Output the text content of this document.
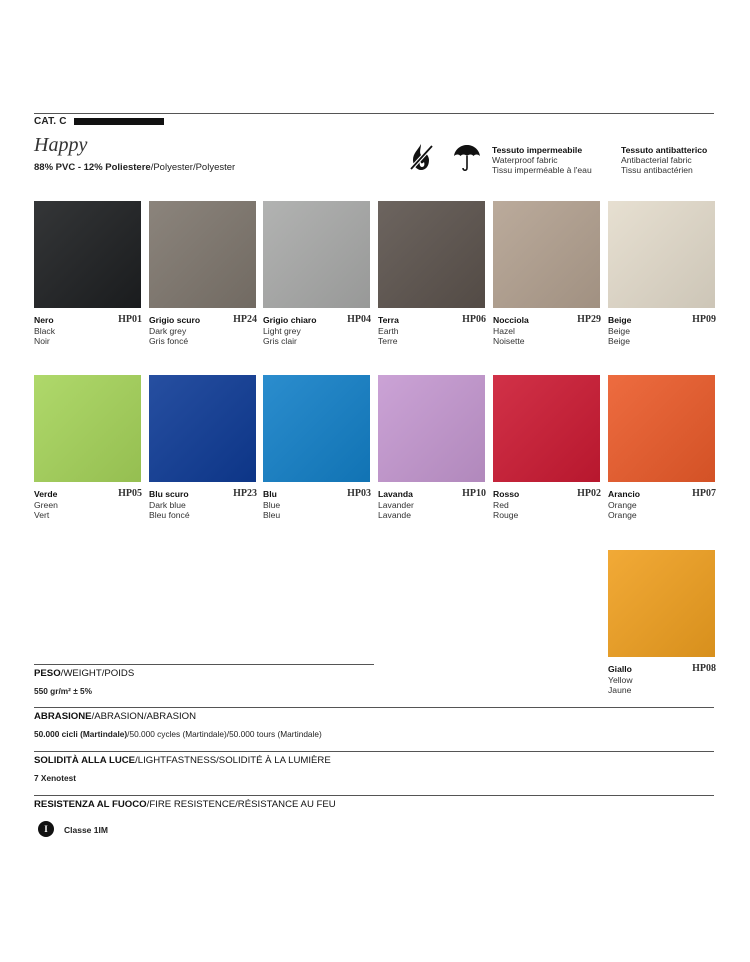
CAT. C
Happy
88% PVC - 12% Poliestere/Polyester/Polyester
Tessuto impermeabile
Waterproof fabric
Tissu imperméable à l'eau
Tessuto antibatterico
Antibacterial fabric
Tissu antibactérien
Nero	HP01

Black
Noir
Grigio scuro	HP24

Dark grey
Gris foncé
Grigio chiaro	HP04

Light grey
Gris clair
Terra	HP06

Earth
Terre
Nocciola	HP29

Hazel
Noisette
Beige	HP09

Beige
Beige
Verde	HP05

Green
Vert
Blu scuro	HP23

Dark blue
Bleu foncé
Blu	HP03

Blue
Bleu
Lavanda	HP10

Lavander
Lavande
Rosso	HP02

Red
Rouge
Arancio	HP07

Orange
Orange
Giallo	HP08

Yellow
Jaune
PESO/WEIGHT/POIDS
550 gr/m² ± 5%
ABRASIONE/ABRASION/ABRASION
50.000 cicli (Martindale)/50.000 cycles (Martindale)/50.000 tours (Martindale)
SOLIDITÀ ALLA LUCE/LIGHTFASTNESS/SOLIDITÉ À LA LUMIÈRE
7 Xenotest
RESISTENZA AL FUOCO/FIRE RESISTENCE/RÉSISTANCE AU FEU
I	Classe 1IM
